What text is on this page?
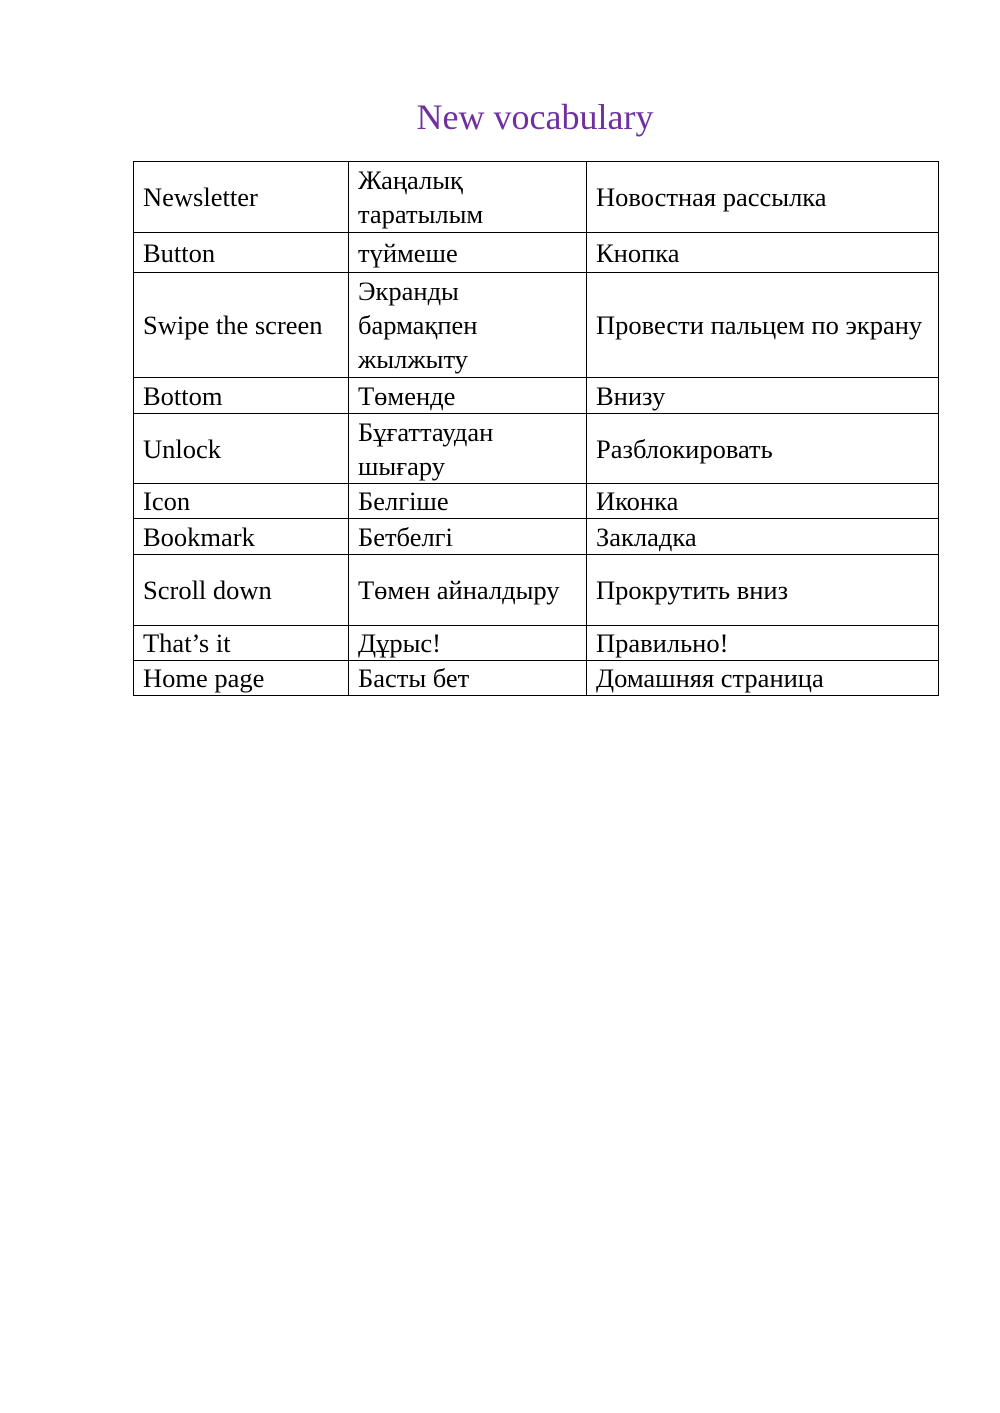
New vocabulary
Newsletter	Жаңалық таратылым	Новостная рассылка
Button	түймеше	Кнопка
Swipe the screen	Экранды бармақпен жылжыту	Провести пальцем по экрану
Bottom	Төменде	Внизу
Unlock	Бұғаттаудан шығару	Разблокировать
Icon	Белгіше	Иконка
Bookmark	Бетбелгі	Закладка
Scroll down	Төмен айналдыру	Прокрутить вниз
That’s it	Дұрыс!	Правильно!
Home page	Басты бет	Домашняя страница
